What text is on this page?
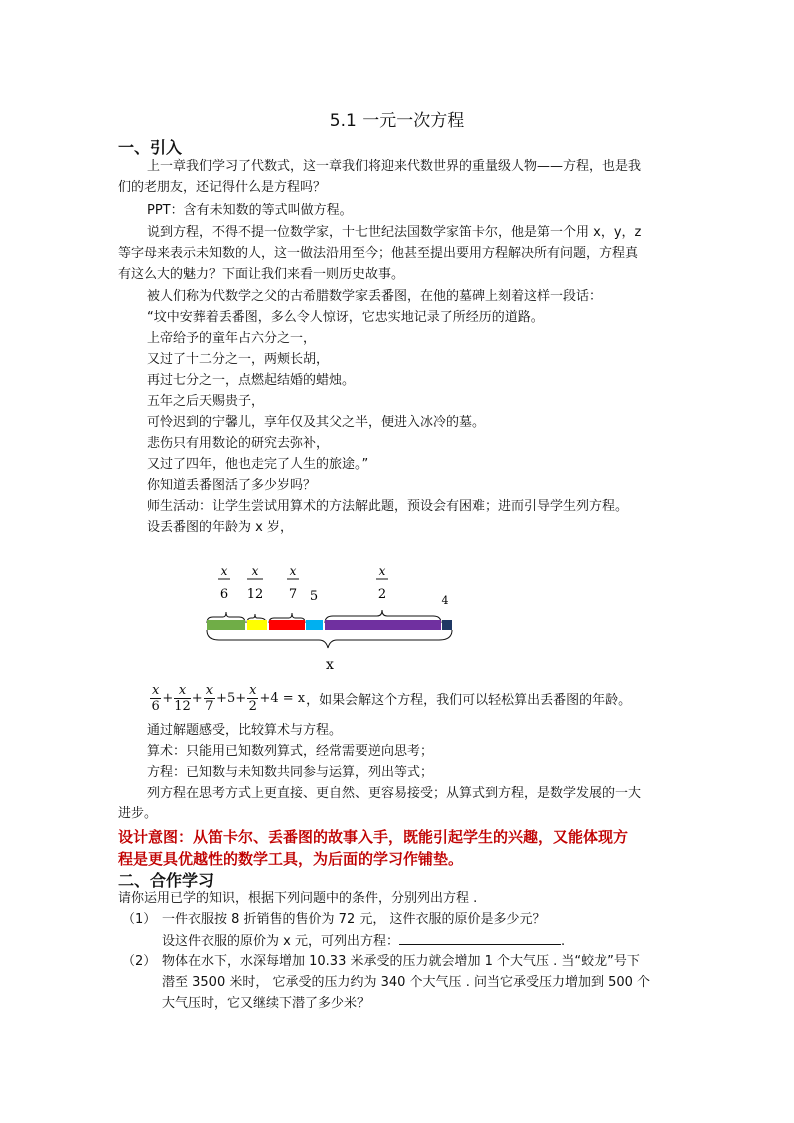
5.1 一元一次方程
一、引入
上一章我们学习了代数式，这一章我们将迎来代数世界的重量级人物——方程，也是我
们的老朋友，还记得什么是方程吗？
PPT：含有未知数的等式叫做方程。
说到方程，不得不提一位数学家，十七世纪法国数学家笛卡尔，他是第一个用 x，y，z
等字母来表示未知数的人，这一做法沿用至今；他甚至提出要用方程解决所有问题，方程真
有这么大的魅力？下面让我们来看一则历史故事。
被人们称为代数学之父的古希腊数学家丢番图，在他的墓碑上刻着这样一段话：
“坟中安葬着丢番图，多么令人惊讶，它忠实地记录了所经历的道路。
上帝给予的童年占六分之一，
又过了十二分之一，两颊长胡，
再过七分之一，点燃起结婚的蜡烛。
五年之后天赐贵子，
可怜迟到的宁馨儿，享年仅及其父之半，便进入冰冷的墓。
悲伤只有用数论的研究去弥补，
又过了四年，他也走完了人生的旅途。”
你知道丢番图活了多少岁吗？
师生活动：让学生尝试用算术的方法解此题，预设会有困难；进而引导学生列方程。
设丢番图的年龄为 x 岁，
x
6
x
12
x
7 5
x
2	4
x
$\frac{x}{6} + \frac{x}{12} + \frac{x}{7} +5+ \frac{x}{2} +4 = x$，如果会解这个方程，我们可以轻松算出丢番图的年龄。
通过解题感受，比较算术与方程。
算术：只能用已知数列算式，经常需要逆向思考；
方程：已知数与未知数共同参与运算，列出等式；
列方程在思考方式上更直接、更自然、更容易接受；从算式到方程，是数学发展的一大
进步。
设计意图：从笛卡尔、丢番图的故事入手，既能引起学生的兴趣，又能体现方
程是更具优越性的数学工具，为后面的学习作铺垫。
二、合作学习
请你运用已学的知识，根据下列问题中的条件，分别列出方程 .
（1） 一件衣服按 8 折销售的售价为 72 元， 这件衣服的原价是多少元？
设这件衣服的原价为 x 元，可列出方程：	.
（2） 物体在水下，水深每增加 10.33 米承受的压力就会增加 1 个大气压 . 当“蛟龙”号下
潜至 3500 米时， 它承受的压力约为 340 个大气压 . 问当它承受压力增加到 500 个
大气压时，它又继续下潜了多少米？
